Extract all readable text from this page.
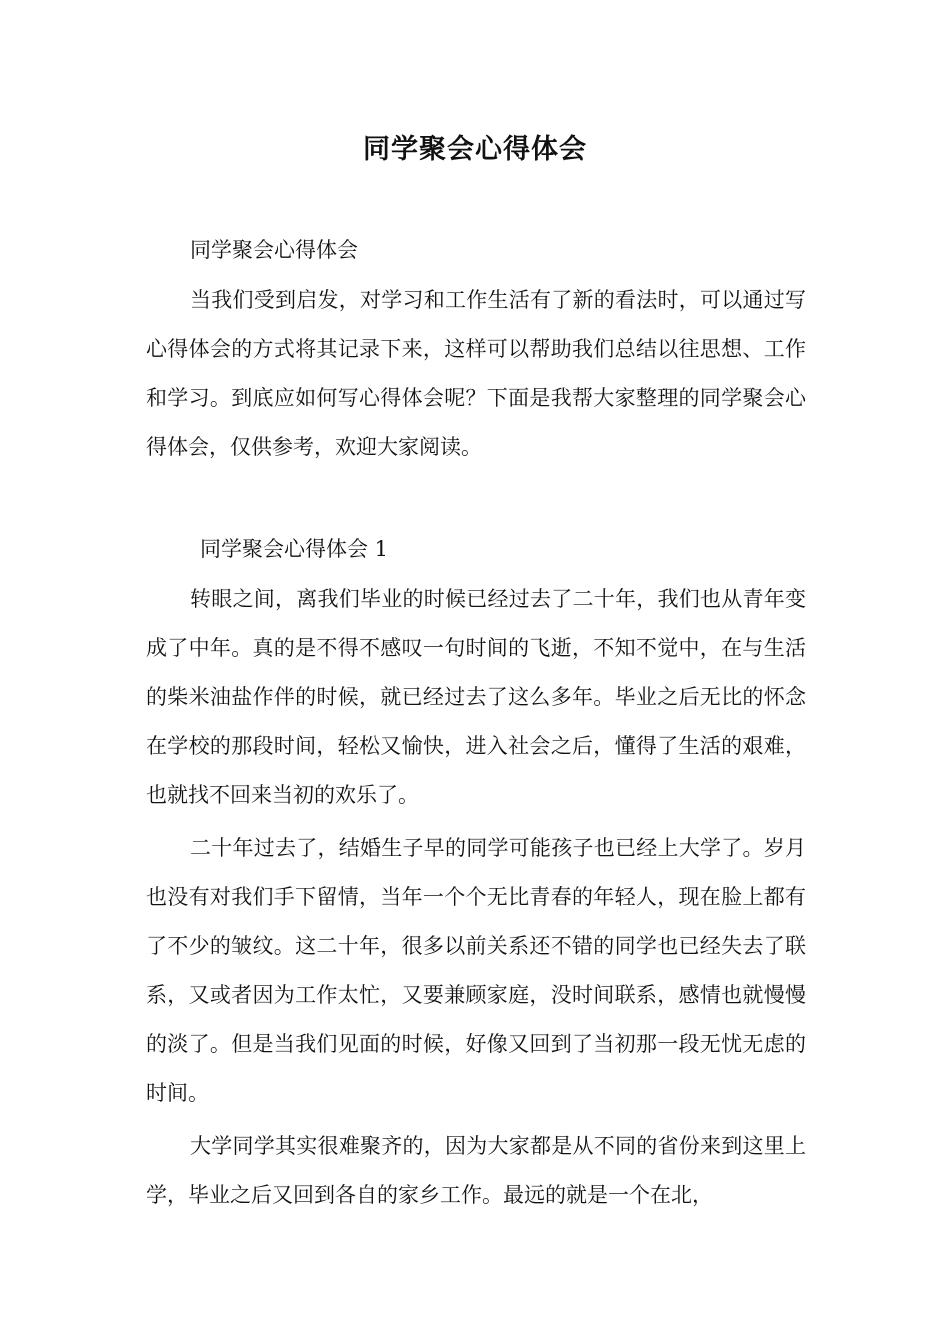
同学聚会心得体会

同学聚会心得体会

当我们受到启发，对学习和工作生活有了新的看法时，可以通过写心得体会的方式将其记录下来，这样可以帮助我们总结以往思想、工作和学习。到底应如何写心得体会呢？下面是我帮大家整理的同学聚会心得体会，仅供参考，欢迎大家阅读。

同学聚会心得体会 1

转眼之间，离我们毕业的时候已经过去了二十年，我们也从青年变成了中年。真的是不得不感叹一句时间的飞逝，不知不觉中，在与生活的柴米油盐作伴的时候，就已经过去了这么多年。毕业之后无比的怀念在学校的那段时间，轻松又愉快，进入社会之后，懂得了生活的艰难，也就找不回来当初的欢乐了。

二十年过去了，结婚生子早的同学可能孩子也已经上大学了。岁月也没有对我们手下留情，当年一个个无比青春的年轻人，现在脸上都有了不少的皱纹。这二十年，很多以前关系还不错的同学也已经失去了联系，又或者因为工作太忙，又要兼顾家庭，没时间联系，感情也就慢慢的淡了。但是当我们见面的时候，好像又回到了当初那一段无忧无虑的时间。

大学同学其实很难聚齐的，因为大家都是从不同的省份来到这里上学，毕业之后又回到各自的家乡工作。最远的就是一个在北，
